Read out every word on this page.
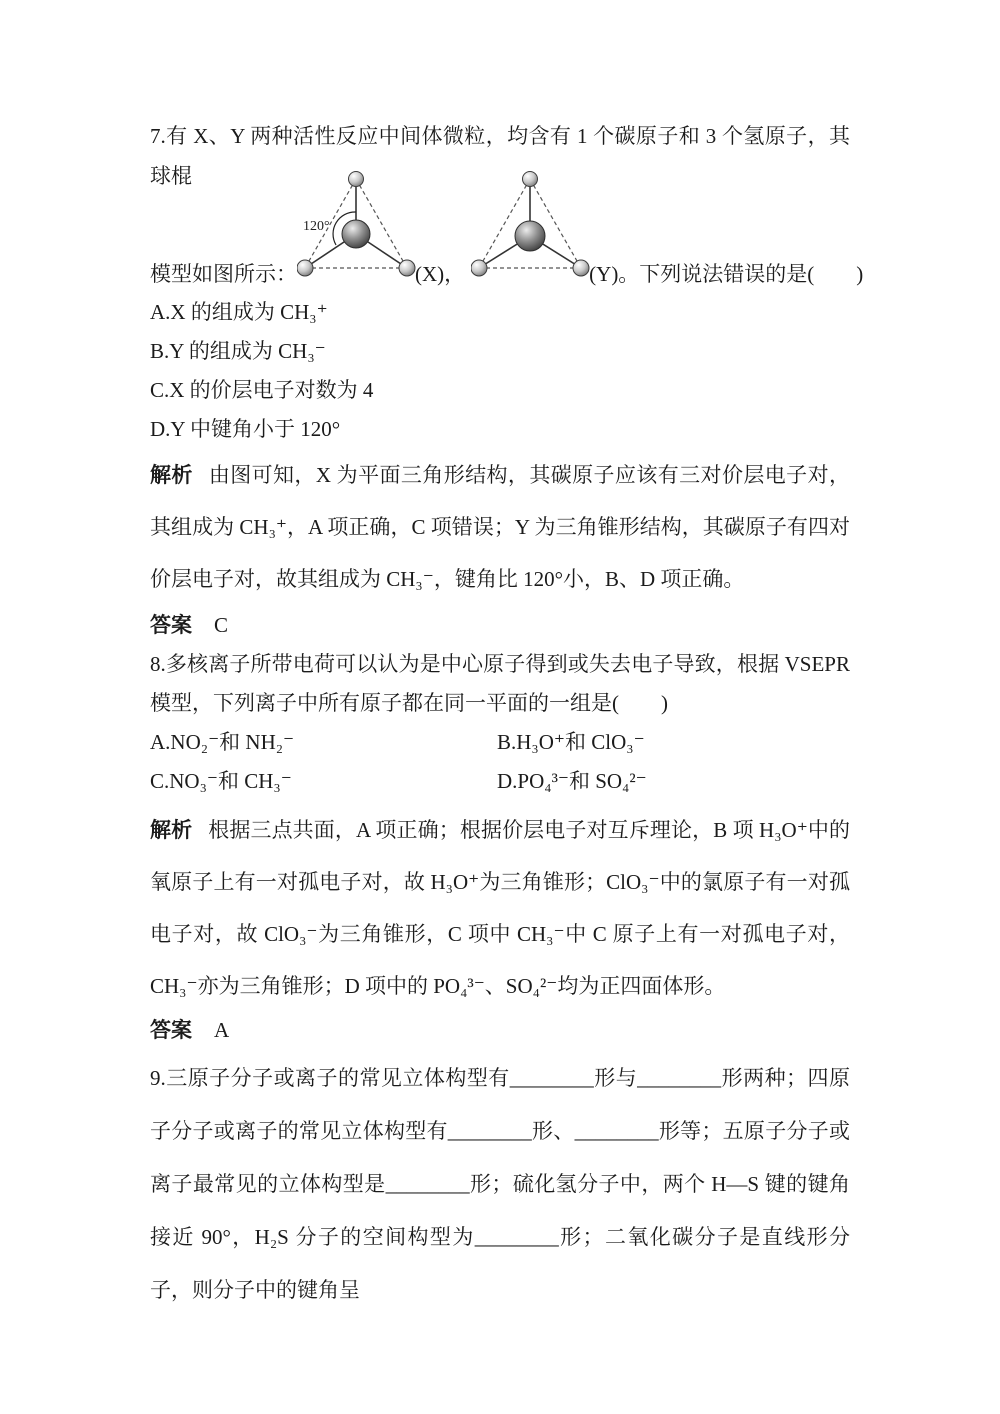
7.有 X、Y 两种活性反应中间体微粒，均含有 1 个碳原子和 3 个氢原子，其球棍
模型如图所示：
120°
(X)，	(Y)。下列说法错误的是(　　)
A.X 的组成为 CH₃⁺
B.Y 的组成为 CH₃⁻
C.X 的价层电子对数为 4
D.Y 中键角小于 120°
解析 由图可知，X 为平面三角形结构，其碳原子应该有三对价层电子对，其组成为 CH₃⁺，A 项正确，C 项错误；Y 为三角锥形结构，其碳原子有四对价层电子对，故其组成为 CH₃⁻，键角比 120°小，B、D 项正确。
答案 C
8.多核离子所带电荷可以认为是中心原子得到或失去电子导致，根据 VSEPR 模型，下列离子中所有原子都在同一平面的一组是(　　)
A.NO₂⁻和 NH₂⁻	B.H₃O⁺和 ClO₃⁻
C.NO₃⁻和 CH₃⁻	D.PO₄³⁻和 SO₄²⁻
解析 根据三点共面，A 项正确；根据价层电子对互斥理论，B 项 H₃O⁺中的氧原子上有一对孤电子对，故 H₃O⁺为三角锥形；ClO₃⁻中的氯原子有一对孤电子对，故 ClO₃⁻为三角锥形，C 项中 CH₃⁻中 C 原子上有一对孤电子对，CH₃⁻亦为三角锥形；D 项中的 PO₄³⁻、SO₄²⁻均为正四面体形。
答案 A
9.三原子分子或离子的常见立体构型有________形与________形两种；四原子分子或离子的常见立体构型有________形、________形等；五原子分子或离子最常见的立体构型是________形；硫化氢分子中，两个 H—S 键的键角接近 90°，H₂S 分子的空间构型为________形；二氧化碳分子是直线形分子，则分子中的键角呈
